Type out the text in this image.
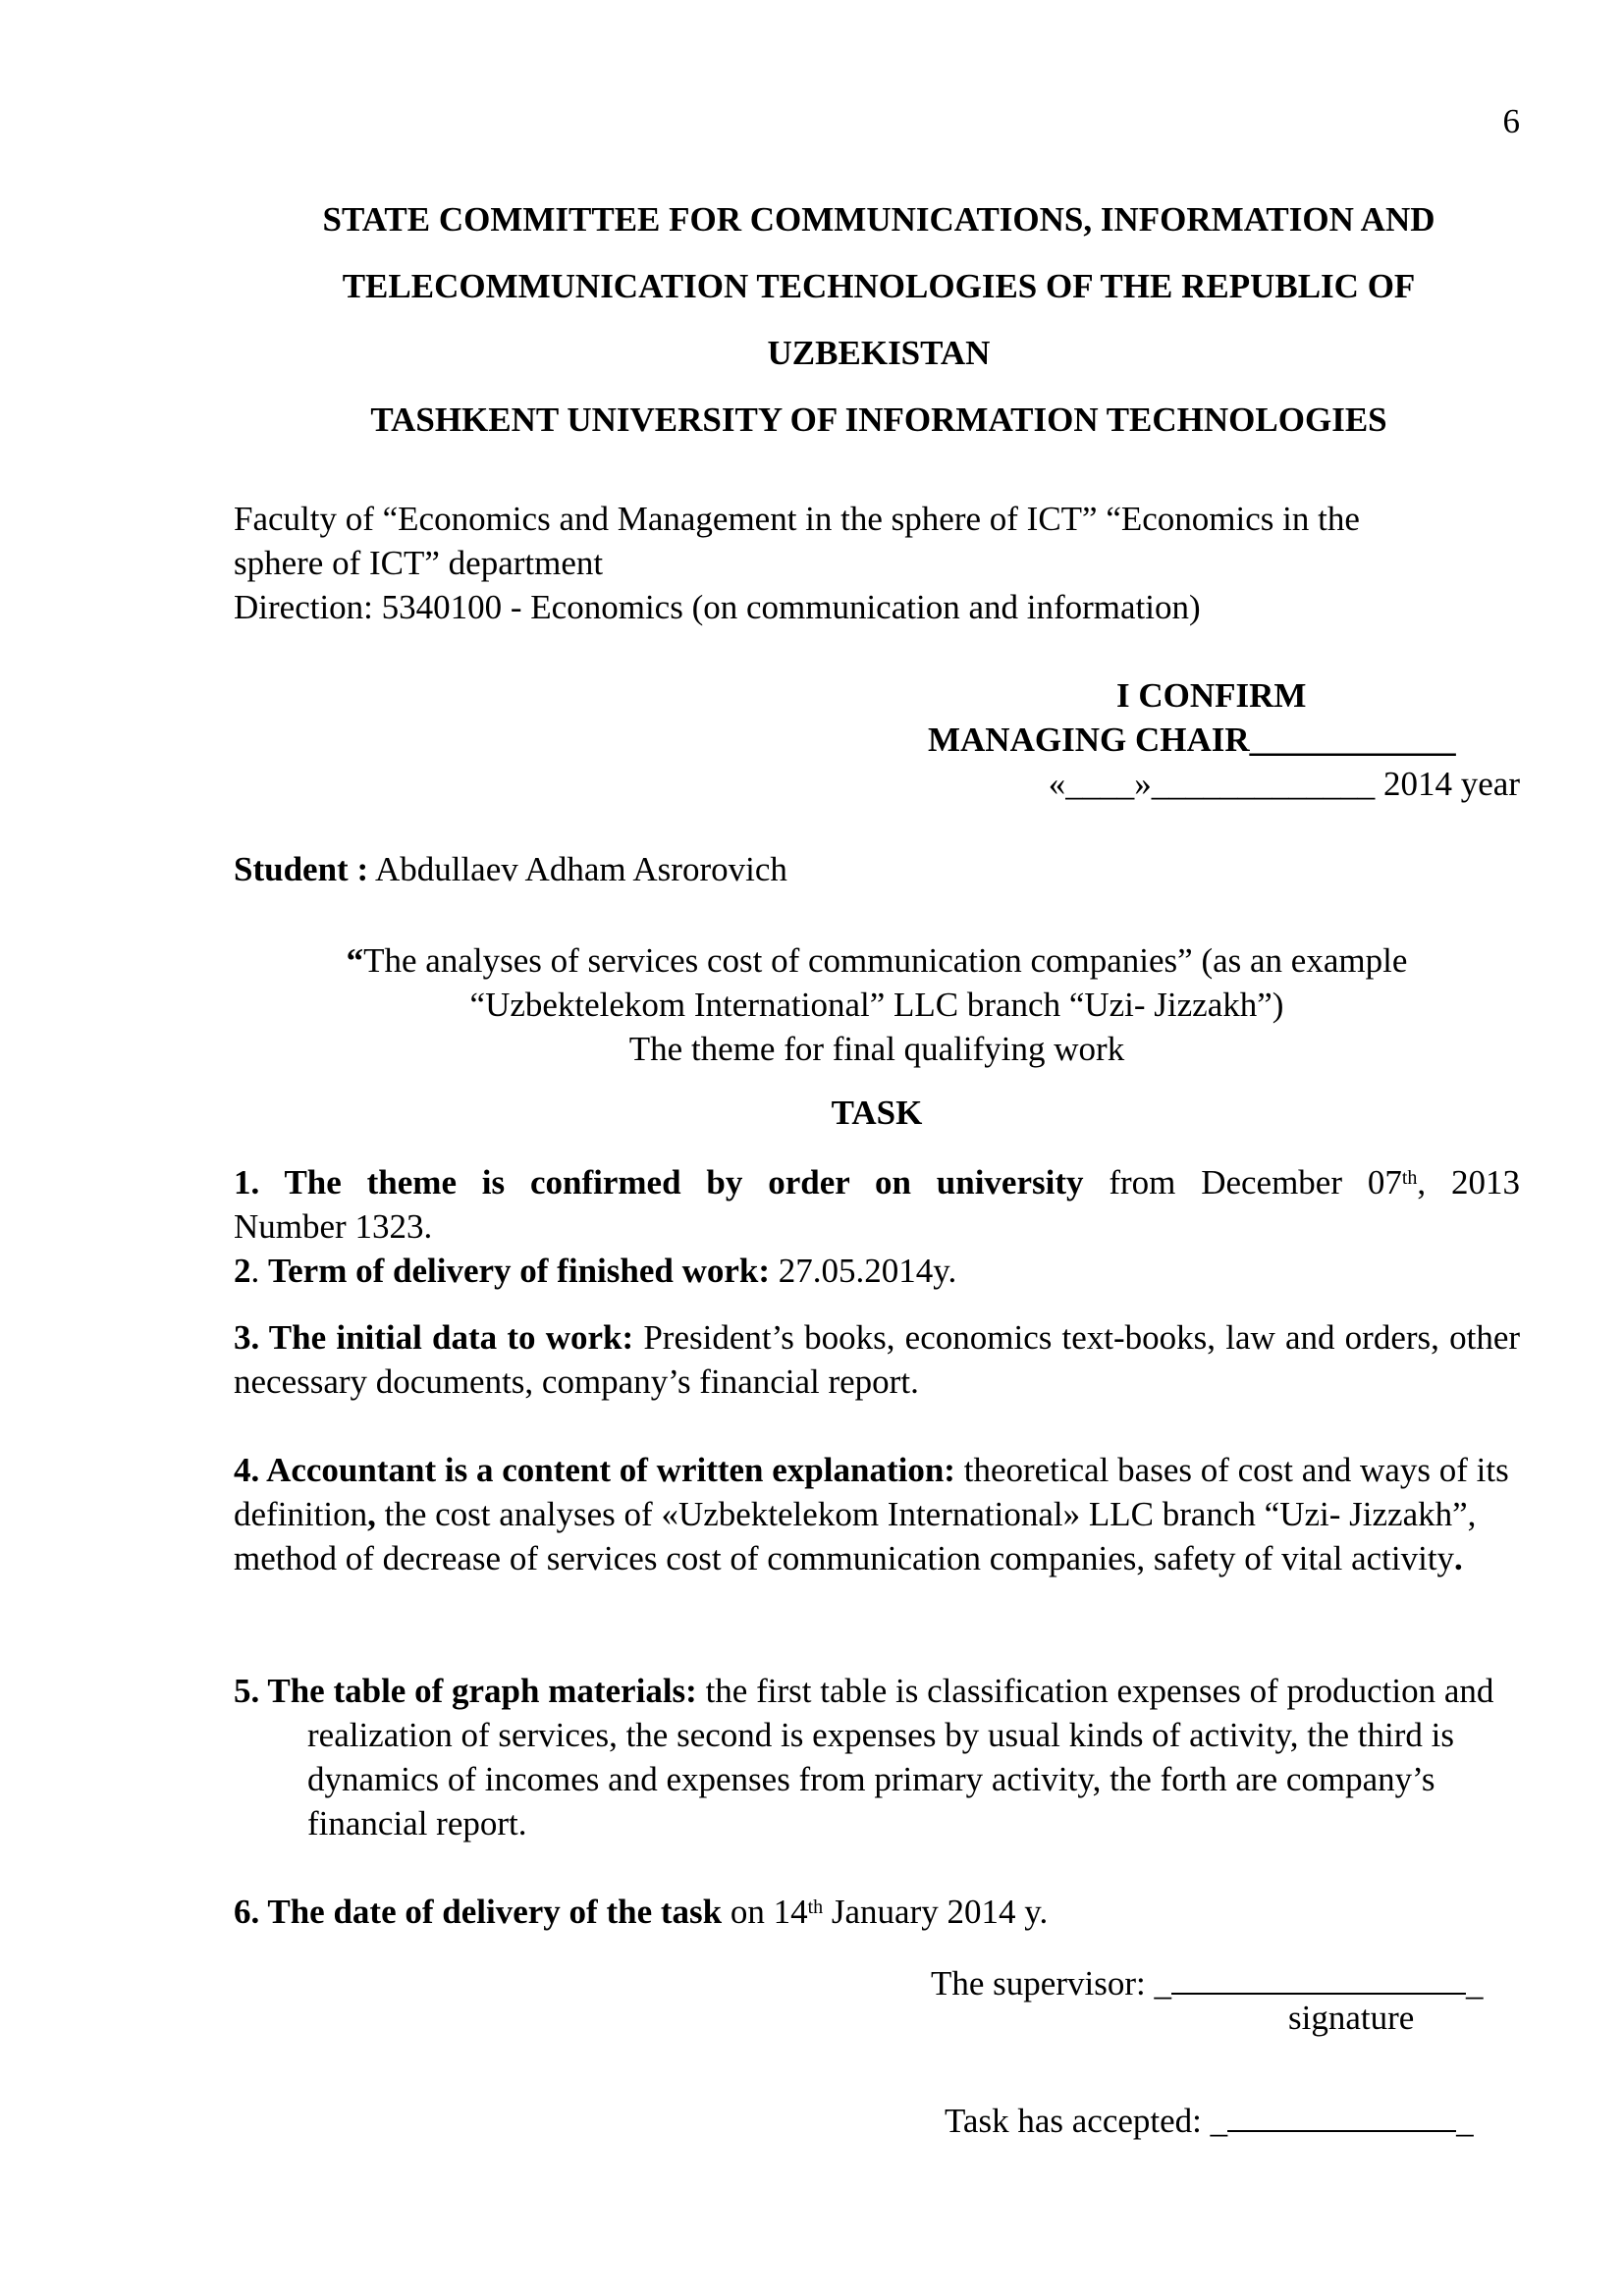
6
STATE COMMITTEE FOR COMMUNICATIONS, INFORMATION AND
TELECOMMUNICATION TECHNOLOGIES OF THE REPUBLIC OF
UZBEKISTAN
TASHKENT UNIVERSITY OF INFORMATION TECHNOLOGIES
Faculty of “Economics and Management in the sphere of ICT” “Economics in the
sphere of ICT” department
Direction: 5340100 - Economics (on communication and information)
I CONFIRM
MANAGING CHAIR____________
«____»_____________ 2014 year
Student : Abdullaev Adham Asrorovich
“The analyses of services cost of communication companies” (as an example
“Uzbektelekom International” LLC branch “Uzi- Jizzakh”)
The theme for final qualifying work
TASK
1. The theme is confirmed by order on university from December 07th, 2013
Number 1323.
2. Term of delivery of finished work: 27.05.2014y.
3. The initial data to work: President’s books, economics text-books, law and orders, other necessary documents, company’s financial report.
4. Accountant is a content of written explanation: theoretical bases of cost and ways of its definition, the cost analyses of «Uzbektelekom International» LLC branch “Uzi- Jizzakh”, method of decrease of services cost of communication companies, safety of vital activity.
5. The table of graph materials: the first table is classification expenses of production and realization of services, the second is expenses by usual kinds of activity, the third is dynamics of incomes and expenses from primary activity, the forth are company’s financial report.
6. The date of delivery of the task on 14th January 2014 y.
The supervisor: _	_
signature
Task has accepted: _	_
